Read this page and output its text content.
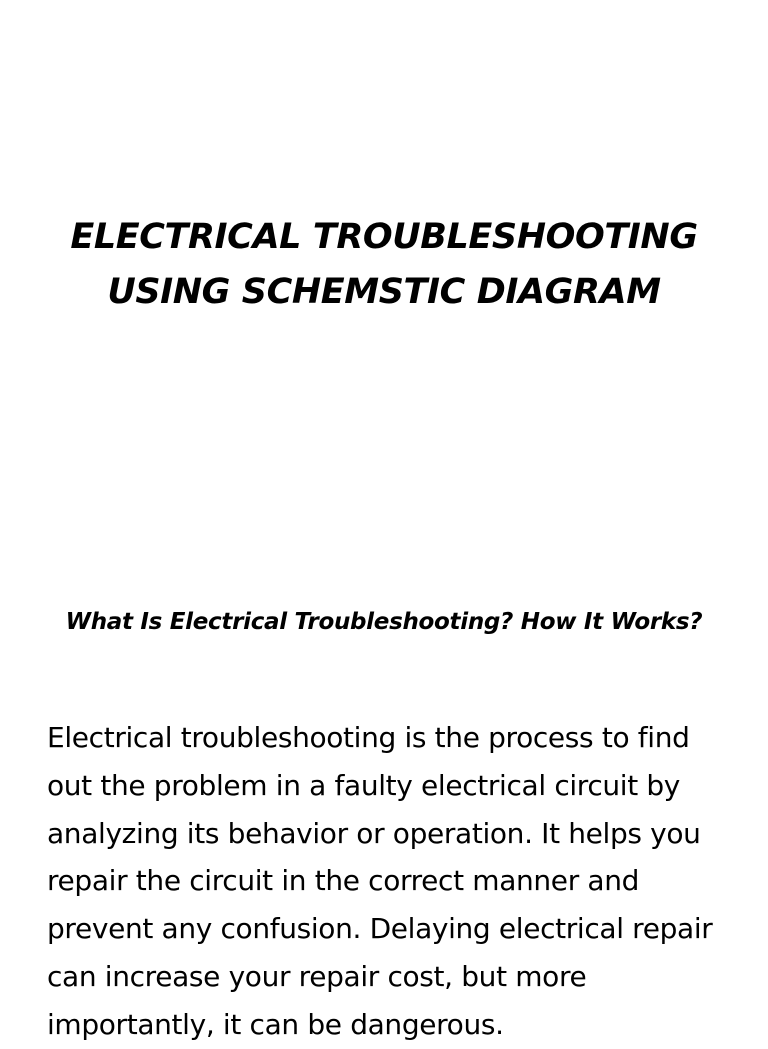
ELECTRICAL TROUBLESHOOTING
USING SCHEMSTIC DIAGRAM
What Is Electrical Troubleshooting? How It Works?

Electrical troubleshooting is the process to find
out the problem in a faulty electrical circuit by
analyzing its behavior or operation. It helps you
repair the circuit in the correct manner and
prevent any confusion. Delaying electrical repair
can increase your repair cost, but more
importantly, it can be dangerous.
